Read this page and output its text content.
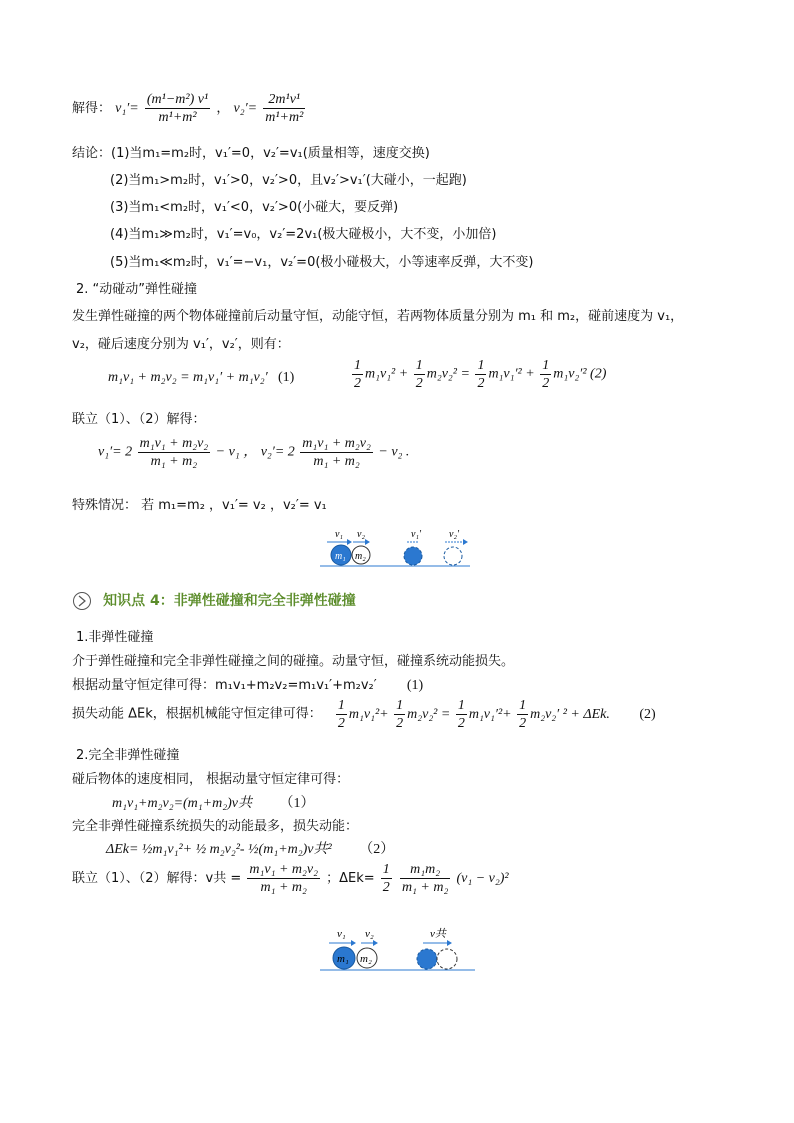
解得： $v_1'= \frac{\text{(m¹−m²) v¹}}{\text{m¹+m²}}$ ， $v_2'= \frac{\text{2m¹v¹}}{\text{m¹+m²}}$
结论：(1)当m₁=m₂时，v₁′=0，v₂′=v₁(质量相等，速度交换)
(2)当m₁>m₂时，v₁′>0，v₂′>0，且v₂′>v₁′(大碰小，一起跑)
(3)当m₁<m₂时，v₁′<0，v₂′>0(小碰大，要反弹)
(4)当m₁≫m₂时，v₁′=v₀，v₂′=2v₁(极大碰极小，大不变，小加倍)
(5)当m₁≪m₂时，v₁′=−v₁，v₂′=0(极小碰极大，小等速率反弹，大不变)
2. “动碰动”弹性碰撞
发生弹性碰撞的两个物体碰撞前后动量守恒，动能守恒，若两物体质量分别为 m₁ 和 m₂，碰前速度为 v₁，
v₂，碰后速度分别为 v₁′，v₂′，则有：
m₁v₁ + m₂v₂ = m₁v₁′ + m₁v₂′ (1)	$\frac{1}{2} m_1v_1^2 + \frac{1}{2} m_2v_2^2 = \frac{1}{2} m_1v_1'^2 + \frac{1}{2} m_1v_2'^2$ (2)
联立（1）、（2）解得：
$v_1'= 2 \frac{\text{m₁v₁ + m₂v₂}}{\text{m₁ + m₂}} - v_1$ ， $v_2'= 2 \frac{\text{m₁v₁ + m₂v₂}}{\text{m₁ + m₂}} - v_2$ .
特殊情况： 若 m₁=m₂ ，v₁′= v₂ ，v₂′= v₁
v₁ v₂
m₁ m₂
v₁′	v₂′
知识点 4：非弹性碰撞和完全非弹性碰撞
1.非弹性碰撞
介于弹性碰撞和完全非弹性碰撞之间的碰撞。动量守恒，碰撞系统动能损失。
根据动量守恒定律可得：m₁v₁+m₂v₂=m₁v₁′+m₂v₂′ (1)
损失动能 ΔEk，根据机械能守恒定律可得： $\frac{1}{2} m_1v_1^2+ \frac{1}{2} m_2v_2^2 = \frac{1}{2} m_1v_1'^2+ \frac{1}{2} m_2v_2'$ ² + ΔEk. (2)
2.完全非弹性碰撞
碰后物体的速度相同， 根据动量守恒定律可得：
m₁v₁+m₂v₂=(m₁+m₂)v共 （1）
完全非弹性碰撞系统损失的动能最多，损失动能：
ΔEk= ½m₁v₁²+ ½ m₂v₂²- ½(m₁+m₂)v共² （2）
联立（1）、（2）解得：v共 = $\frac{\text{m₁v₁ + m₂v₂}}{\text{m₁ + m₂}}$ ；$\Delta Ek= \frac{1}{2}$
$\frac{\text{m₁m₂}}{\text{m₁ + m₂}} (v_1 - v_2)^2$
v₁ v₂
m₁ m₂
v共
